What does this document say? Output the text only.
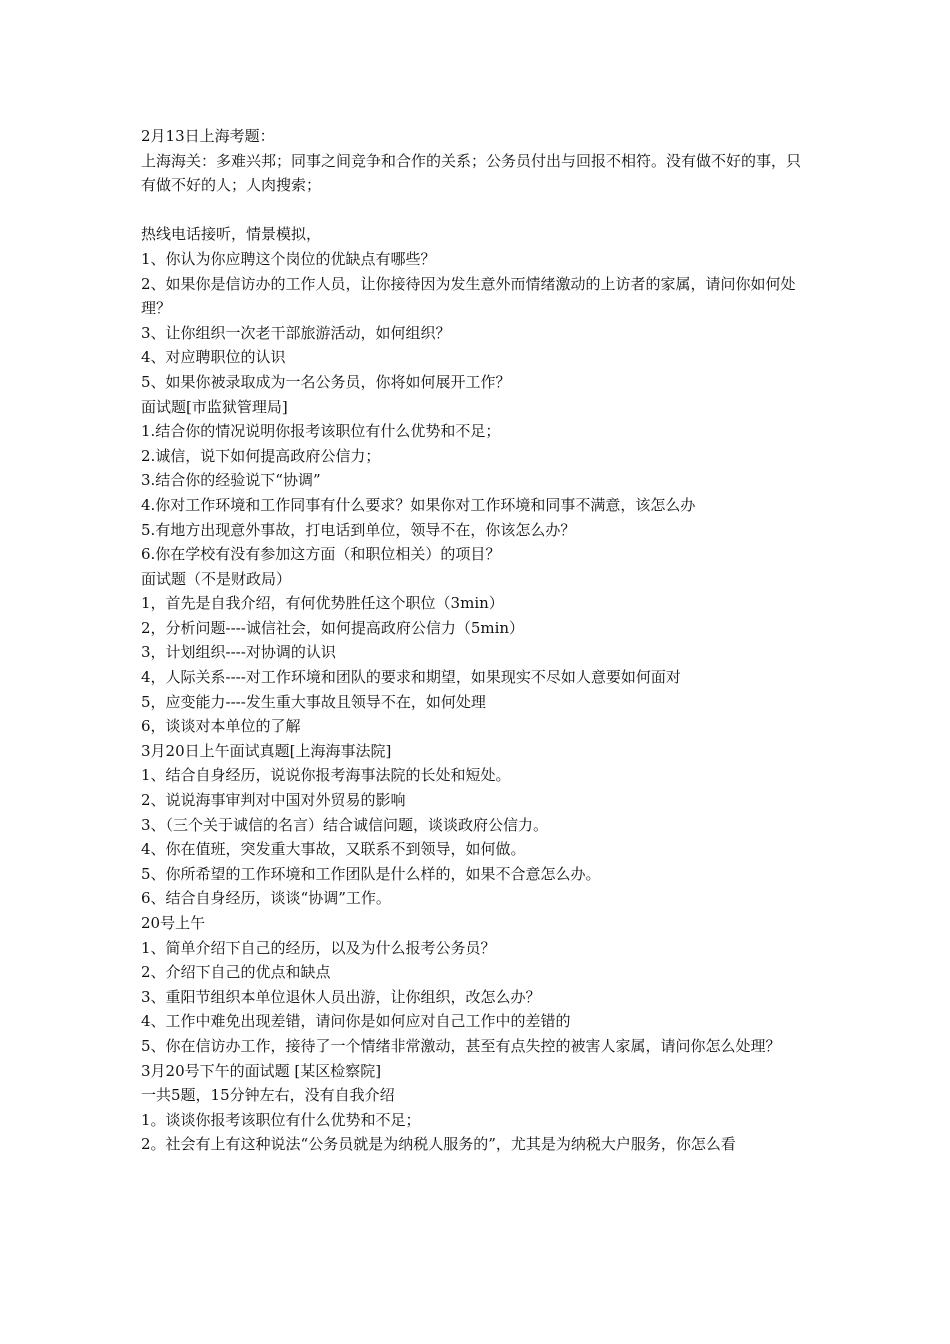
2月13日上海考题：
上海海关：多难兴邦；同事之间竞争和合作的关系；公务员付出与回报不相符。没有做不好的事，只有做不好的人；人肉搜索；
热线电话接听，情景模拟，
1、你认为你应聘这个岗位的优缺点有哪些？
2、如果你是信访办的工作人员，让你接待因为发生意外而情绪激动的上访者的家属，请问你如何处理？
3、让你组织一次老干部旅游活动，如何组织？
4、对应聘职位的认识
5、如果你被录取成为一名公务员，你将如何展开工作？
面试题[市监狱管理局]
1.结合你的情况说明你报考该职位有什么优势和不足；
2.诚信，说下如何提高政府公信力；
3.结合你的经验说下“协调”
4.你对工作环境和工作同事有什么要求？如果你对工作环境和同事不满意，该怎么办
5.有地方出现意外事故，打电话到单位，领导不在，你该怎么办？
6.你在学校有没有参加这方面（和职位相关）的项目？
面试题（不是财政局）
1，首先是自我介绍，有何优势胜任这个职位（3min）
2，分析问题----诚信社会，如何提高政府公信力（5min）
3，计划组织----对协调的认识
4，人际关系----对工作环境和团队的要求和期望，如果现实不尽如人意要如何面对
5，应变能力----发生重大事故且领导不在，如何处理
6，谈谈对本单位的了解
3月20日上午面试真题[上海海事法院]
1、结合自身经历，说说你报考海事法院的长处和短处。
2、说说海事审判对中国对外贸易的影响
3、（三个关于诚信的名言）结合诚信问题，谈谈政府公信力。
4、你在值班，突发重大事故，又联系不到领导，如何做。
5、你所希望的工作环境和工作团队是什么样的，如果不合意怎么办。
6、结合自身经历，谈谈“协调”工作。
20号上午
1、简单介绍下自己的经历，以及为什么报考公务员？
2、介绍下自己的优点和缺点
3、重阳节组织本单位退休人员出游，让你组织，改怎么办？
4、工作中难免出现差错，请问你是如何应对自己工作中的差错的
5、你在信访办工作，接待了一个情绪非常激动，甚至有点失控的被害人家属，请问你怎么处理？
3月20号下午的面试题 [某区检察院]
一共5题，15分钟左右，没有自我介绍
1。谈谈你报考该职位有什么优势和不足；
2。社会有上有这种说法“公务员就是为纳税人服务的”，尤其是为纳税大户服务，你怎么看
